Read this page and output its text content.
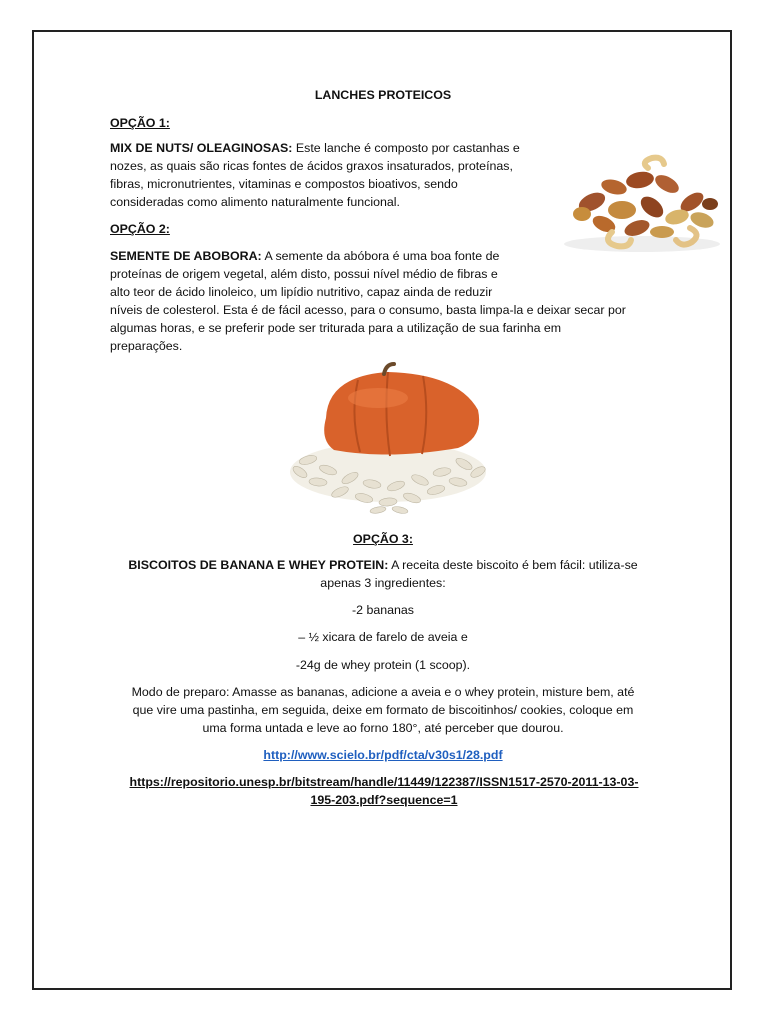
LANCHES PROTEICOS
OPÇÃO 1:
MIX DE NUTS/ OLEAGINOSAS: Este lanche é composto por castanhas e
nozes, as quais são ricas fontes de ácidos graxos insaturados, proteínas,
fibras, micronutrientes, vitaminas e compostos bioativos, sendo
consideradas como alimento naturalmente funcional.
OPÇÃO 2:
SEMENTE DE ABOBORA: A semente da abóbora é uma boa fonte de
proteínas de origem vegetal, além disto, possui nível médio de fibras e
alto teor de ácido linoleico, um lipídio nutritivo, capaz ainda de reduzir
níveis de colesterol. Esta é de fácil acesso, para o consumo, basta limpa-la e deixar secar por
algumas horas, e se preferir pode ser triturada para a utilização de sua farinha em
preparações.
OPÇÃO 3:
BISCOITOS DE BANANA E WHEY PROTEIN: A receita deste biscoito é bem fácil: utiliza-se
apenas 3 ingredientes:
-2 bananas
– ½ xicara de farelo de aveia e
-24g de whey protein (1 scoop).
Modo de preparo: Amasse as bananas, adicione a aveia e o whey protein, misture bem, até
que vire uma pastinha, em seguida, deixe em formato de biscoitinhos/ cookies, coloque em
uma forma untada e leve ao forno 180°, até perceber que dourou.
http://www.scielo.br/pdf/cta/v30s1/28.pdf
https://repositorio.unesp.br/bitstream/handle/11449/122387/ISSN1517-2570-2011-13-03-
195-203.pdf?sequence=1
